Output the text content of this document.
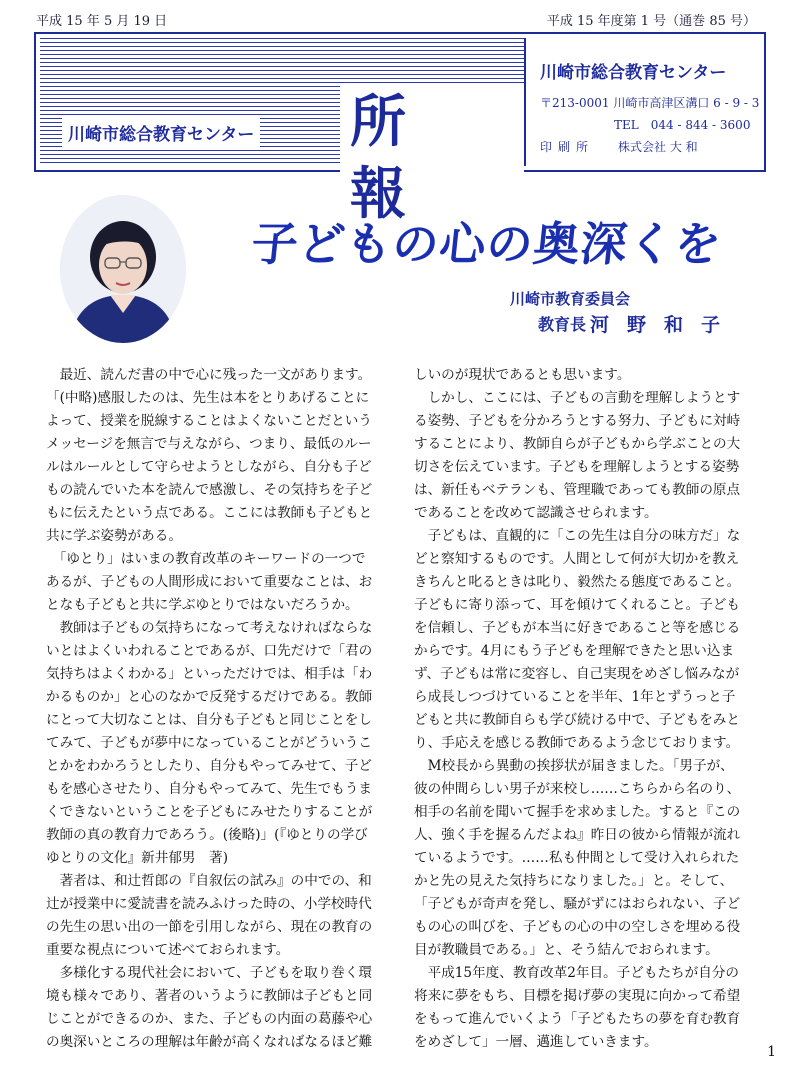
平成 15 年 5 月 19 日	平成 15 年度第 1 号（通巻 85 号）
所 報
川崎市総合教育センター
川崎市総合教育センター
〒213-0001 川崎市高津区溝口 6 - 9 - 3
TEL　044 - 844 - 3600
印刷所　　 株式会社 大 和
子どもの心の奥深くを
川崎市教育委員会
教育長 河野和子
　最近、読んだ書の中で心に残った一文があります。
「(中略)感服したのは、先生は本をとりあげることに
よって、授業を脱線することはよくないことだという
メッセージを無言で与えながら、つまり、最低のルー
ルはルールとして守らせようとしながら、自分も子ど
もの読んでいた本を読んで感激し、その気持ちを子ど
もに伝えたという点である。ここには教師も子どもと
共に学ぶ姿勢がある。
　「ゆとり」はいまの教育改革のキーワードの一つで
あるが、子どもの人間形成において重要なことは、お
となも子どもと共に学ぶゆとりではないだろうか。
　教師は子どもの気持ちになって考えなければならな
いとはよくいわれることであるが、口先だけで「君の
気持ちはよくわかる」といっただけでは、相手は「わ
かるものか」と心のなかで反発するだけである。教師
にとって大切なことは、自分も子どもと同じことをし
てみて、子どもが夢中になっていることがどういうこ
とかをわかろうとしたり、自分もやってみせて、子ど
もを感心させたり、自分もやってみて、先生でもうま
くできないということを子どもにみせたりすることが
教師の真の教育力であろう。(後略)」(『ゆとりの学び
ゆとりの文化』新井郁男　著)
　著者は、和辻哲郎の『自叙伝の試み』の中での、和
辻が授業中に愛読書を読みふけった時の、小学校時代
の先生の思い出の一節を引用しながら、現在の教育の
重要な視点について述べておられます。
　多様化する現代社会において、子どもを取り巻く環
境も様々であり、著者のいうように教師は子どもと同
じことができるのか、また、子どもの内面の葛藤や心
の奥深いところの理解は年齢が高くなればなるほど難
しいのが現状であるとも思います。
　しかし、ここには、子どもの言動を理解しようとす
る姿勢、子どもを分かろうとする努力、子どもに対峙
することにより、教師自らが子どもから学ぶことの大
切さを伝えています。子どもを理解しようとする姿勢
は、新任もベテランも、管理職であっても教師の原点
であることを改めて認識させられます。
　子どもは、直観的に「この先生は自分の味方だ」な
どと察知するものです。人間として何が大切かを教え
きちんと叱るときは叱り、毅然たる態度であること。
子どもに寄り添って、耳を傾けてくれること。子ども
を信頼し、子どもが本当に好きであること等を感じる
からです。4月にもう子どもを理解できたと思い込ま
ず、子どもは常に変容し、自己実現をめざし悩みなが
ら成長しつづけていることを半年、1年とずうっと子
どもと共に教師自らも学び続ける中で、子どもをみと
り、手応えを感じる教師であるよう念じております。
　M校長から異動の挨拶状が届きました。「男子が、
彼の仲間らしい男子が来校し……こちらから名のり、
相手の名前を聞いて握手を求めました。すると『この
人、強く手を握るんだよね』昨日の彼から情報が流れ
ているようです。……私も仲間として受け入れられた
かと先の見えた気持ちになりました。」と。そして、
「子どもが奇声を発し、騒がずにはおられない、子ど
もの心の叫びを、子どもの心の中の空しさを埋める役
目が教職員である。」と、そう結んでおられます。
　平成15年度、教育改革2年目。子どもたちが自分の
将来に夢をもち、目標を掲げ夢の実現に向かって希望
をもって進んでいくよう「子どもたちの夢を育む教育
をめざして」一層、邁進していきます。
1
